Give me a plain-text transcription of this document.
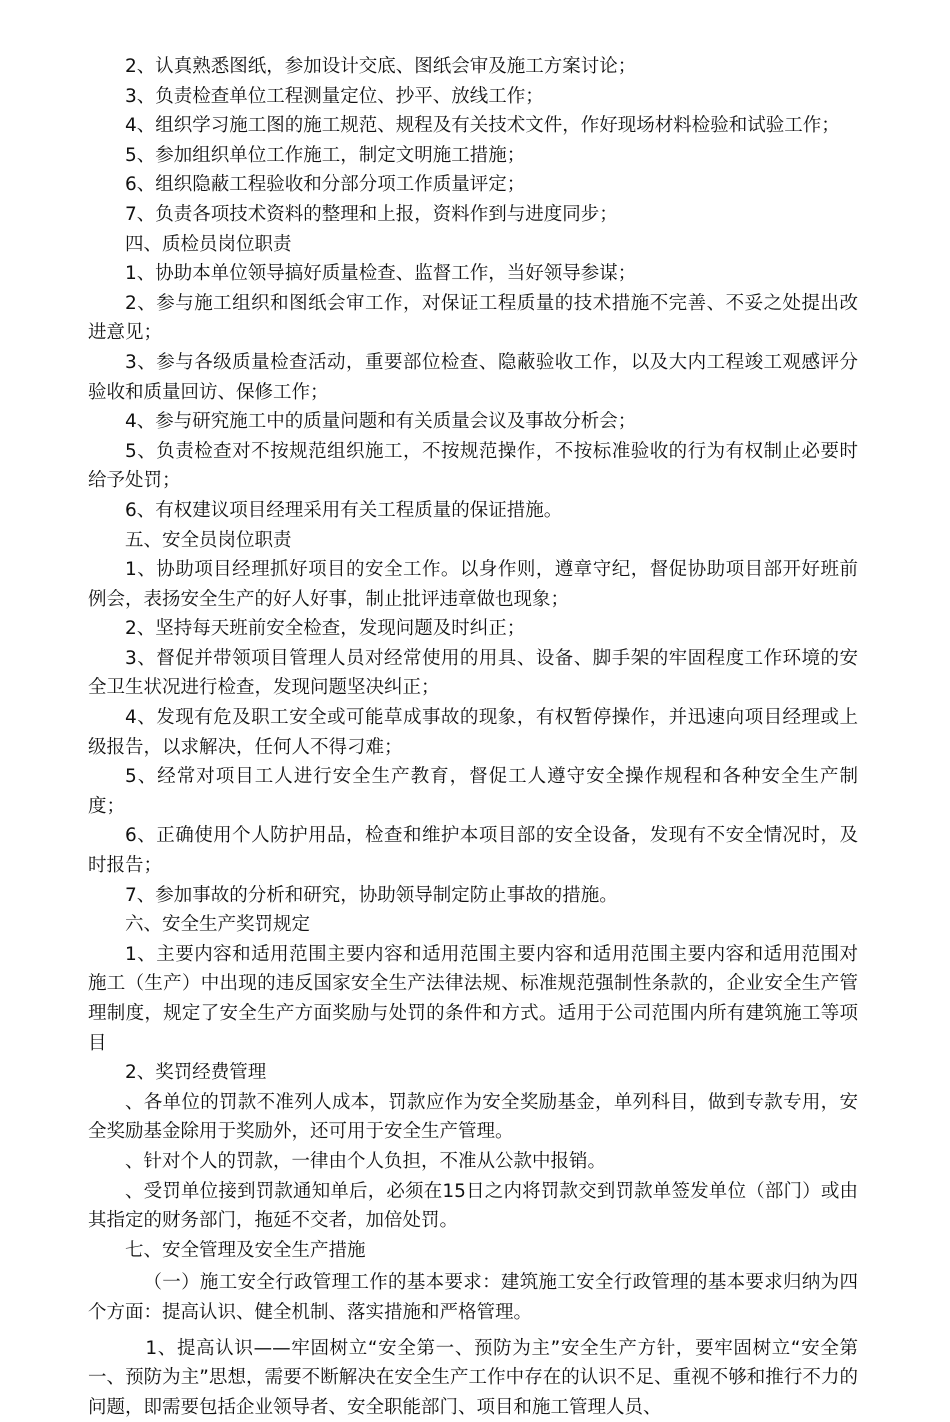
2、认真熟悉图纸，参加设计交底、图纸会审及施工方案讨论；

3、负责检查单位工程测量定位、抄平、放线工作；

4、组织学习施工图的施工规范、规程及有关技术文件，作好现场材料检验和试验工作；

5、参加组织单位工作施工，制定文明施工措施；

6、组织隐蔽工程验收和分部分项工作质量评定；

7、负责各项技术资料的整理和上报，资料作到与进度同步；

四、质检员岗位职责

1、协助本单位领导搞好质量检查、监督工作，当好领导参谋；

2、参与施工组织和图纸会审工作，对保证工程质量的技术措施不完善、不妥之处提出改进意见；

3、参与各级质量检查活动，重要部位检查、隐蔽验收工作，以及大内工程竣工观感评分验收和质量回访、保修工作；

4、参与研究施工中的质量问题和有关质量会议及事故分析会；

5、负责检查对不按规范组织施工，不按规范操作，不按标准验收的行为有权制止必要时给予处罚；

6、有权建议项目经理采用有关工程质量的保证措施。

五、安全员岗位职责

1、协助项目经理抓好项目的安全工作。以身作则，遵章守纪，督促协助项目部开好班前例会，表扬安全生产的好人好事，制止批评违章做也现象；

2、坚持每天班前安全检查，发现问题及时纠正；

3、督促并带领项目管理人员对经常使用的用具、设备、脚手架的牢固程度工作环境的安全卫生状况进行检查，发现问题坚决纠正；

4、发现有危及职工安全或可能草成事故的现象，有权暂停操作，并迅速向项目经理或上级报告，以求解决，任何人不得刁难；

5、经常对项目工人进行安全生产教育，督促工人遵守安全操作规程和各种安全生产制度；

6、正确使用个人防护用品，检查和维护本项目部的安全设备，发现有不安全情况时，及时报告；

7、参加事故的分析和研究，协助领导制定防止事故的措施。

六、安全生产奖罚规定

1、主要内容和适用范围主要内容和适用范围主要内容和适用范围主要内容和适用范围对施工（生产）中出现的违反国家安全生产法律法规、标准规范强制性条款的，企业安全生产管理制度，规定了安全生产方面奖励与处罚的条件和方式。适用于公司范围内所有建筑施工等项目

2、奖罚经费管理

、各单位的罚款不准列人成本，罚款应作为安全奖励基金，单列科目，做到专款专用，安全奖励基金除用于奖励外，还可用于安全生产管理。

、针对个人的罚款，一律由个人负担，不准从公款中报销。

、受罚单位接到罚款通知单后，必须在15日之内将罚款交到罚款单签发单位（部门）或由其指定的财务部门，拖延不交者，加倍处罚。

七、安全管理及安全生产措施

（一）施工安全行政管理工作的基本要求：建筑施工安全行政管理的基本要求归纳为四个方面：提高认识、健全机制、落实措施和严格管理。

1、提高认识——牢固树立“安全第一、预防为主”安全生产方针，要牢固树立“安全第一、预防为主”思想，需要不断解决在安全生产工作中存在的认识不足、重视不够和推行不力的问题，即需要包括企业领导者、安全职能部门、项目和施工管理人员、
